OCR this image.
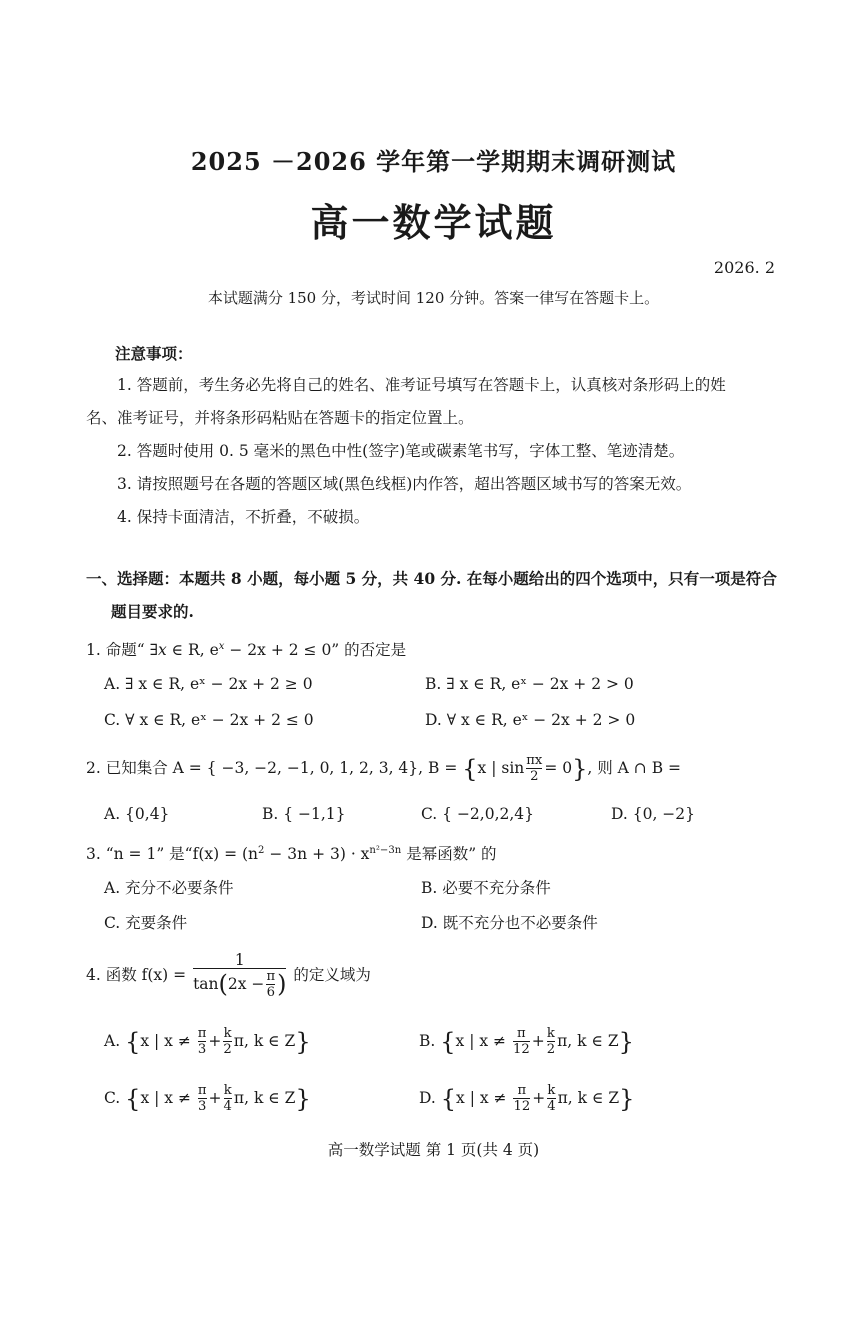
2025 －2026 学年第一学期期末调研测试
高一数学试题
2026. 2
本试题满分 150 分，考试时间 120 分钟。答案一律写在答题卡上。
注意事项：
1. 答题前，考生务必先将自己的姓名、准考证号填写在答题卡上，认真核对条形码上的姓
名、准考证号，并将条形码粘贴在答题卡的指定位置上。
2. 答题时使用 0. 5 毫米的黑色中性(签字)笔或碳素笔书写，字体工整、笔迹清楚。
3. 请按照题号在各题的答题区域(黑色线框)内作答，超出答题区域书写的答案无效。
4. 保持卡面清洁，不折叠，不破损。
一、选择题：本题共 8 小题，每小题 5 分，共 40 分. 在每小题给出的四个选项中，只有一项是符合
题目要求的.
1. 命题“ ∃x ∈ R, $e^x - 2x + 2 \le 0$” 的否定是
A. ∃ x ∈ R, eˣ − 2x + 2 ≥ 0	B. ∃ x ∈ R, eˣ − 2x + 2 > 0
C. ∀ x ∈ R, eˣ − 2x + 2 ≤ 0	D. ∀ x ∈ R, eˣ − 2x + 2 > 0
2. 已知集合 A = { −3, −2, −1, 0, 1, 2, 3, 4}, B = {x | $\sin \frac{\pi x}{2} = 0$}, 则 A ∩ B =
A. {0,4}	B. { −1,1}	C. { −2,0,2,4}	D. {0, −2}
3. “n = 1” 是“$f(x) = (n^2 - 3n + 3) \cdot x^{n^2-3n}$ 是幂函数” 的
A. 充分不必要条件	B. 必要不充分条件
C. 充要条件	D. 既不充分也不必要条件
4. 函数 $f(x) = \frac{1}{\tan(2x - \frac{\pi}{6} )}$ 的定义域为
A. {x | $x \ne \frac{\pi}{3} + \frac{k}{2} \pi$, k ∈ Z}	B. {x | $x \ne \frac{\pi}{12} + \frac{k}{2} \pi$, k ∈ Z}
C. {x | $x \ne \frac{\pi}{3} + \frac{k}{4} \pi$, k ∈ Z}	D. {x | $x \ne \frac{\pi}{12} + \frac{k}{4} \pi$, k ∈ Z}
高一数学试题 第 1 页(共 4 页)
